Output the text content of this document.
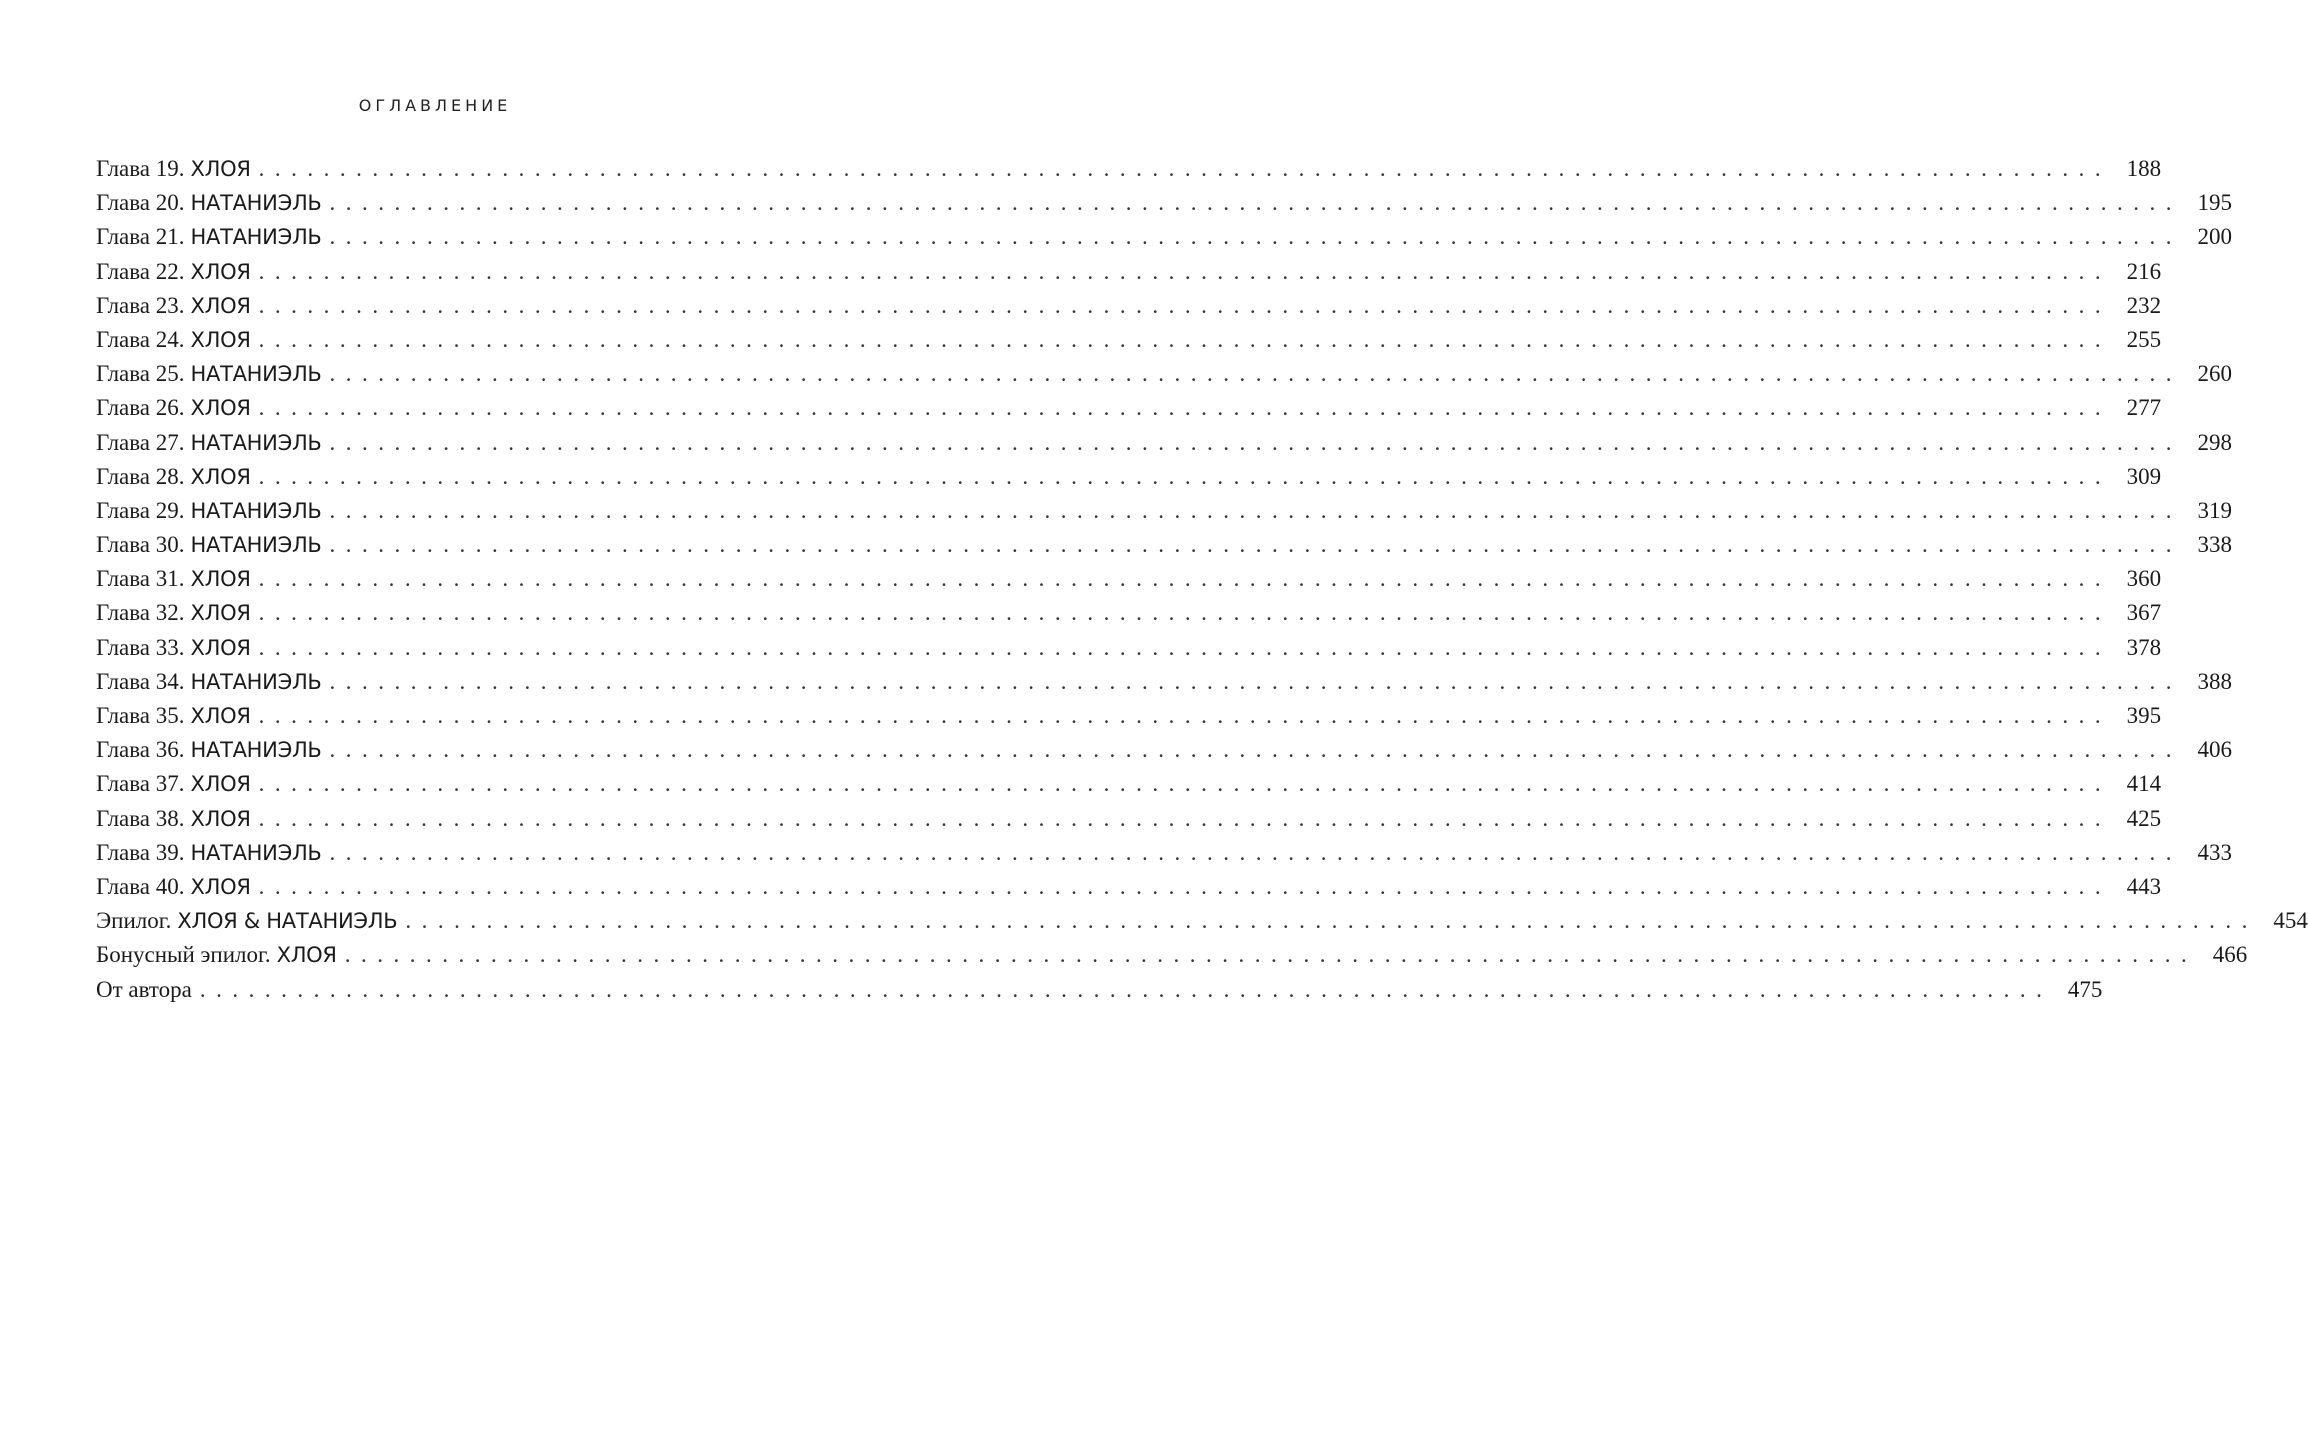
ОГЛАВЛЕНИЕ
Глава 19. ХЛОЯ .................................................................................................................. 188
Глава 20. НАТАНИЭЛЬ .................................................................................................................. 195
Глава 21. НАТАНИЭЛЬ .................................................................................................................. 200
Глава 22. ХЛОЯ .................................................................................................................. 216
Глава 23. ХЛОЯ .................................................................................................................. 232
Глава 24. ХЛОЯ .................................................................................................................. 255
Глава 25. НАТАНИЭЛЬ .................................................................................................................. 260
Глава 26. ХЛОЯ .................................................................................................................. 277
Глава 27. НАТАНИЭЛЬ .................................................................................................................. 298
Глава 28. ХЛОЯ .................................................................................................................. 309
Глава 29. НАТАНИЭЛЬ .................................................................................................................. 319
Глава 30. НАТАНИЭЛЬ .................................................................................................................. 338
Глава 31. ХЛОЯ .................................................................................................................. 360
Глава 32. ХЛОЯ .................................................................................................................. 367
Глава 33. ХЛОЯ .................................................................................................................. 378
Глава 34. НАТАНИЭЛЬ .................................................................................................................. 388
Глава 35. ХЛОЯ .................................................................................................................. 395
Глава 36. НАТАНИЭЛЬ .................................................................................................................. 406
Глава 37. ХЛОЯ .................................................................................................................. 414
Глава 38. ХЛОЯ .................................................................................................................. 425
Глава 39. НАТАНИЭЛЬ .................................................................................................................. 433
Глава 40. ХЛОЯ .................................................................................................................. 443
Эпилог. ХЛОЯ & НАТАНИЭЛЬ .................................................................................................................. 454
Бонусный эпилог. ХЛОЯ .................................................................................................................. 466
От автора .................................................................................................................. 475
